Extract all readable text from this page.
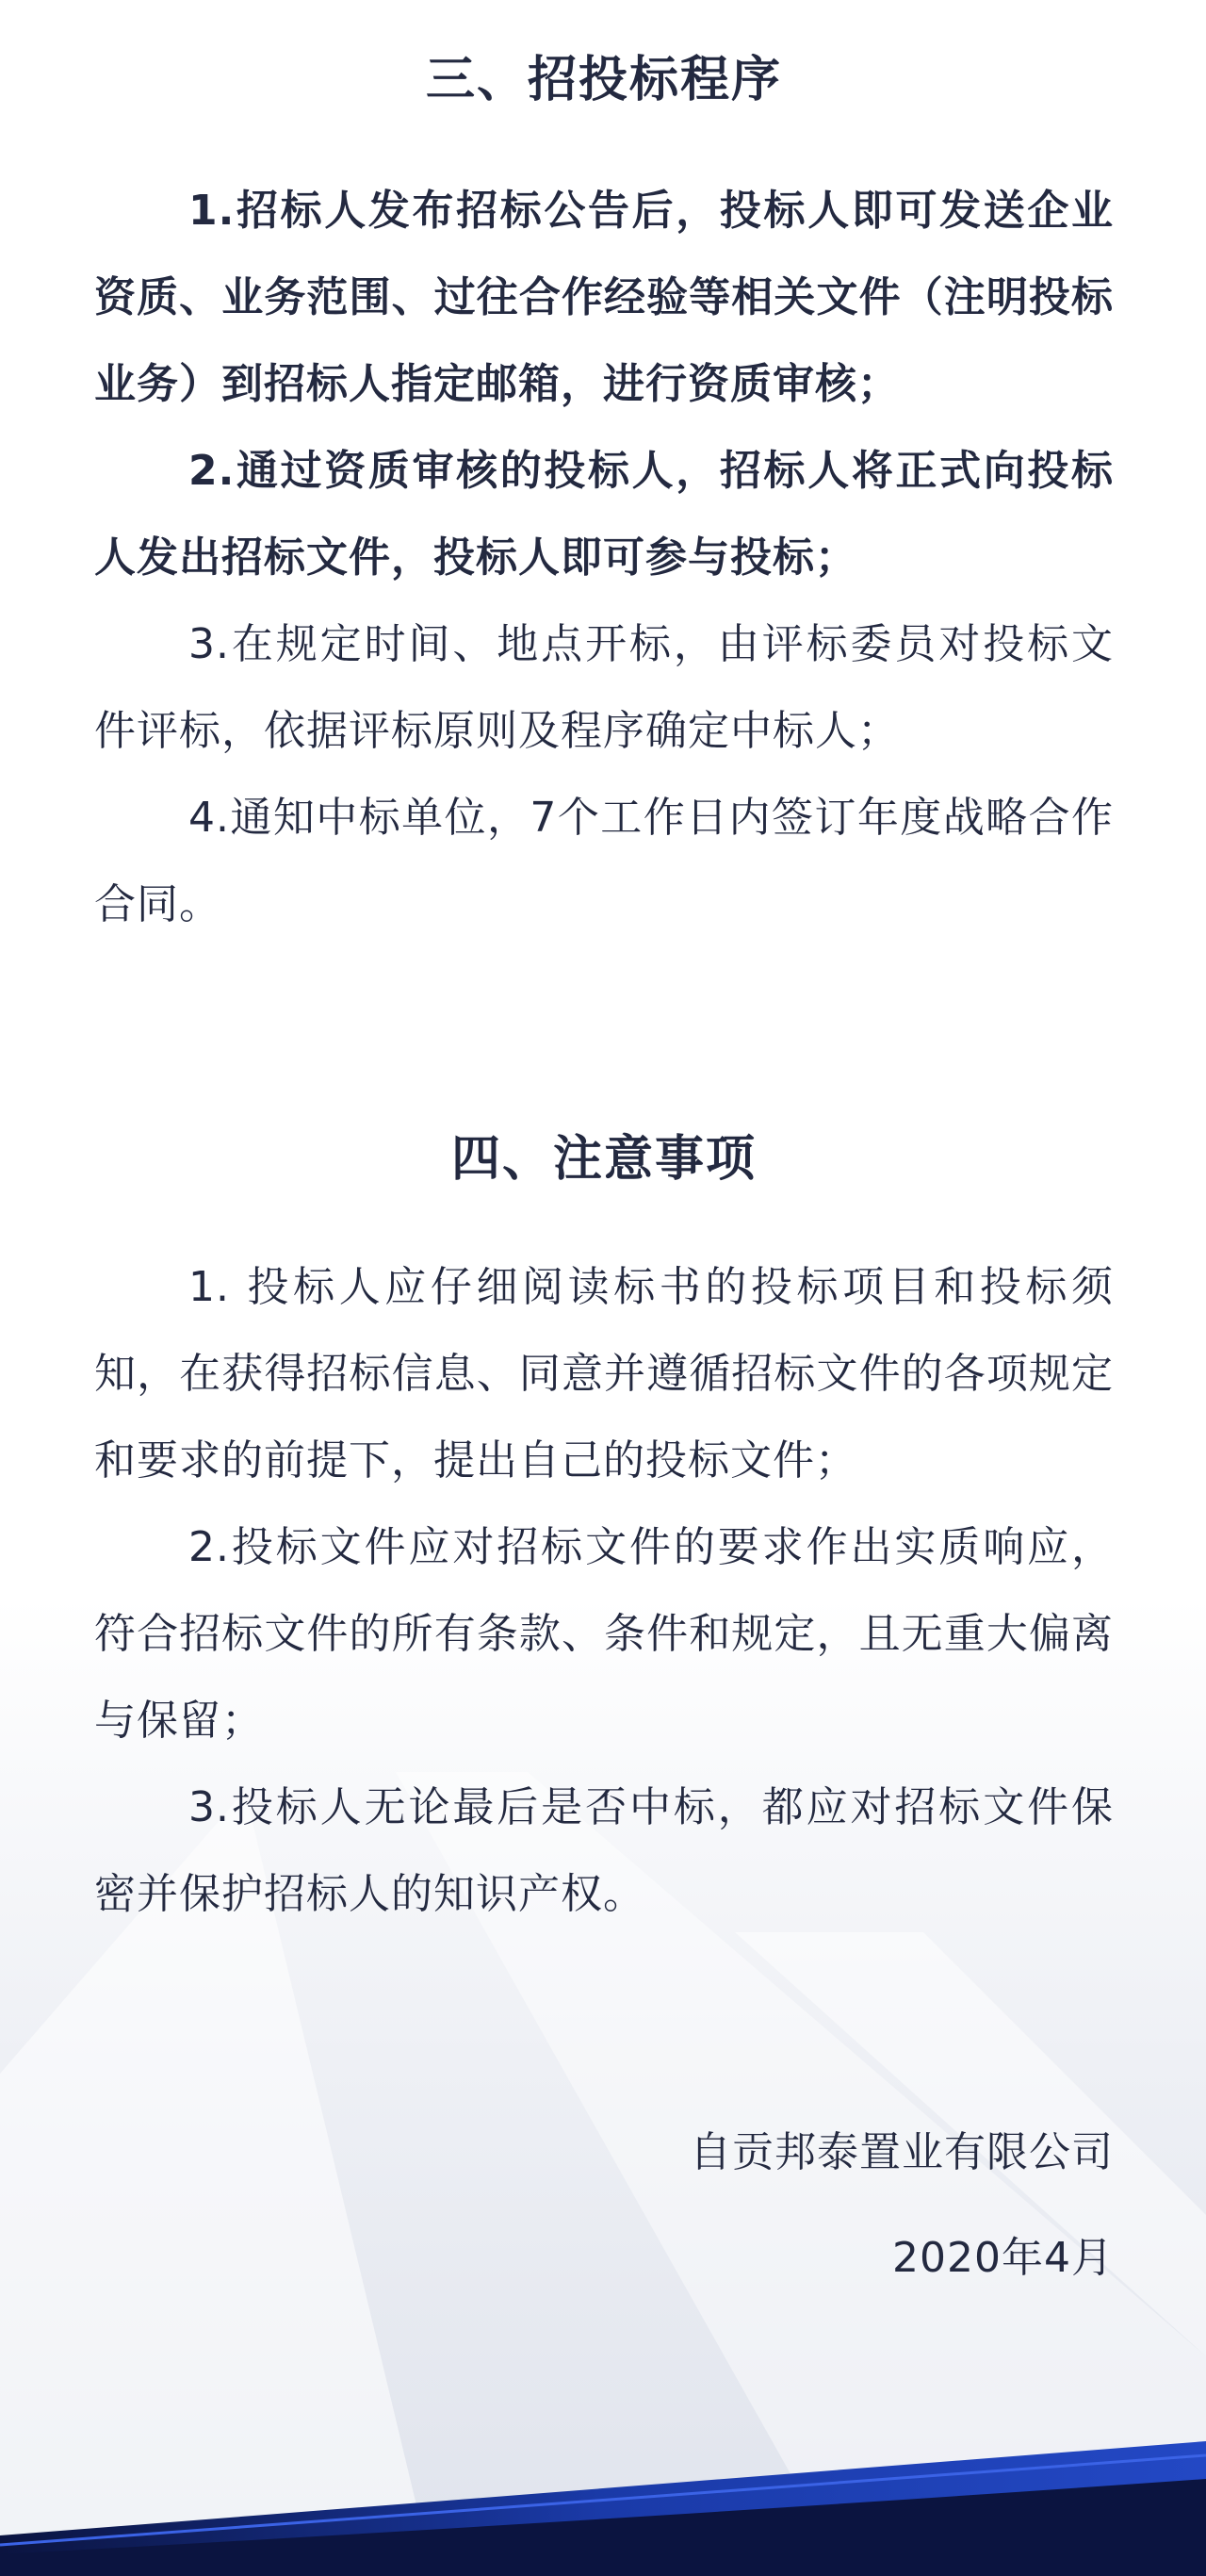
三、招投标程序

1.招标人发布招标公告后，投标人即可发送企业资质、业务范围、过往合作经验等相关文件（注明投标业务）到招标人指定邮箱，进行资质审核；

2.通过资质审核的投标人，招标人将正式向投标人发出招标文件，投标人即可参与投标；

3.在规定时间、地点开标，由评标委员对投标文件评标，依据评标原则及程序确定中标人；

4.通知中标单位，7个工作日内签订年度战略合作合同。

四、注意事项

1. 投标人应仔细阅读标书的投标项目和投标须知，在获得招标信息、同意并遵循招标文件的各项规定和要求的前提下，提出自己的投标文件；

2.投标文件应对招标文件的要求作出实质响应，符合招标文件的所有条款、条件和规定，且无重大偏离与保留；

3.投标人无论最后是否中标，都应对招标文件保密并保护招标人的知识产权。

自贡邦泰置业有限公司
2020年4月
